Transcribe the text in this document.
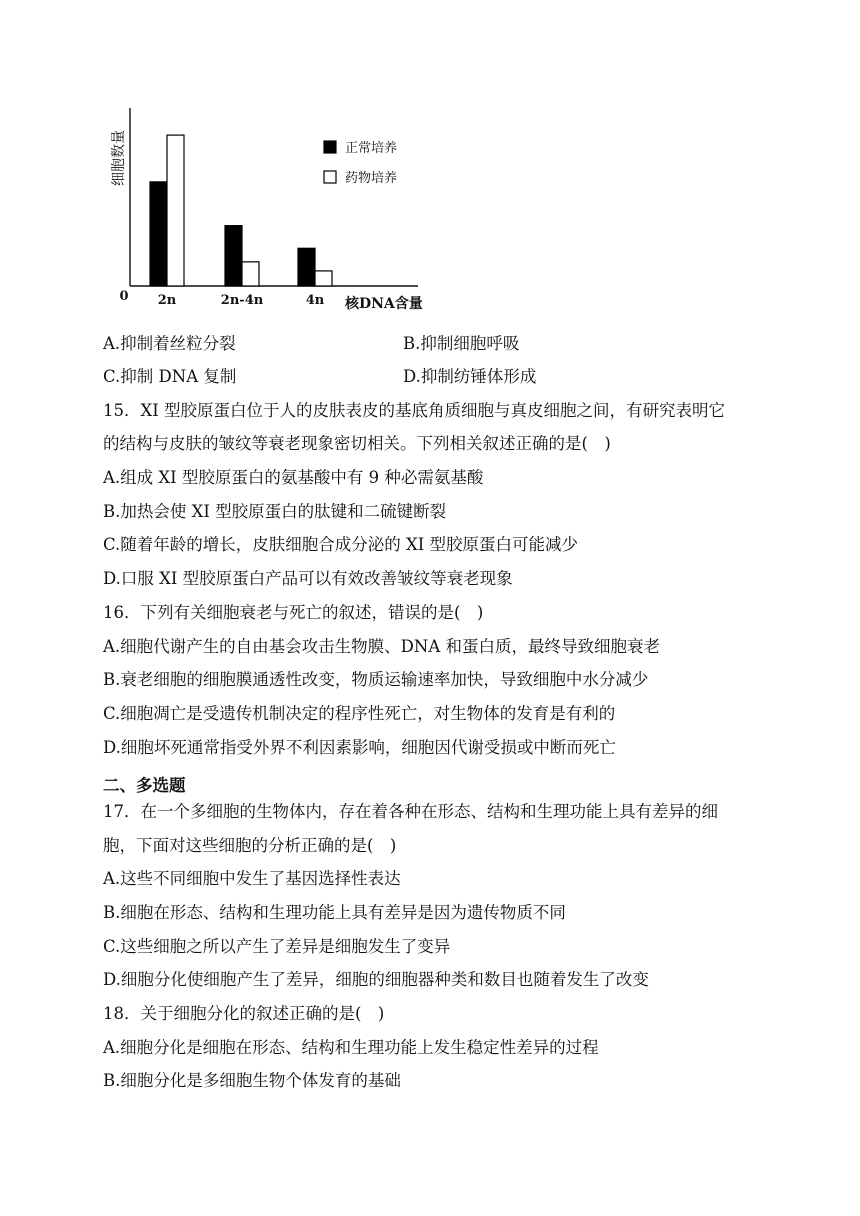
细胞数量
0	核DNA含量
2n	2n-4n	4n
正常培养
药物培养
A.抑制着丝粒分裂	B.抑制细胞呼吸
C.抑制 DNA 复制	D.抑制纺锤体形成
15．XI 型胶原蛋白位于人的皮肤表皮的基底角质细胞与真皮细胞之间，有研究表明它
的结构与皮肤的皱纹等衰老现象密切相关。下列相关叙述正确的是(　)
A.组成 XI 型胶原蛋白的氨基酸中有 9 种必需氨基酸
B.加热会使 XI 型胶原蛋白的肽键和二硫键断裂
C.随着年龄的增长，皮肤细胞合成分泌的 XI 型胶原蛋白可能减少
D.口服 XI 型胶原蛋白产品可以有效改善皱纹等衰老现象
16．下列有关细胞衰老与死亡的叙述，错误的是(　)
A.细胞代谢产生的自由基会攻击生物膜、DNA 和蛋白质，最终导致细胞衰老
B.衰老细胞的细胞膜通透性改变，物质运输速率加快，导致细胞中水分减少
C.细胞凋亡是受遗传机制决定的程序性死亡，对生物体的发育是有利的
D.细胞坏死通常指受外界不利因素影响，细胞因代谢受损或中断而死亡
二、多选题
17．在一个多细胞的生物体内，存在着各种在形态、结构和生理功能上具有差异的细
胞，下面对这些细胞的分析正确的是(　)
A.这些不同细胞中发生了基因选择性表达
B.细胞在形态、结构和生理功能上具有差异是因为遗传物质不同
C.这些细胞之所以产生了差异是细胞发生了变异
D.细胞分化使细胞产生了差异，细胞的细胞器种类和数目也随着发生了改变
18．关于细胞分化的叙述正确的是(　)
A.细胞分化是细胞在形态、结构和生理功能上发生稳定性差异的过程
B.细胞分化是多细胞生物个体发育的基础
